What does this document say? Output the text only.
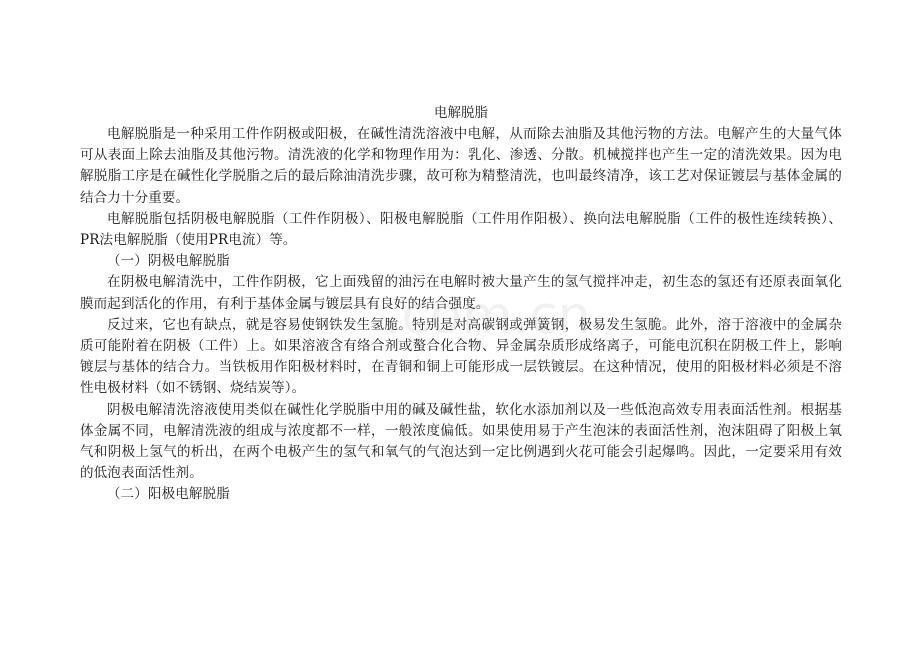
电解脱脂

电解脱脂是一种采用工件作阴极或阳极，在碱性清洗溶液中电解，从而除去油脂及其他污物的方法。电解产生的大量气体可从表面上除去油脂及其他污物。清洗液的化学和物理作用为：乳化、渗透、分散。机械搅拌也产生一定的清洗效果。因为电解脱脂工序是在碱性化学脱脂之后的最后除油清洗步骤，故可称为精整清洗，也叫最终清净，该工艺对保证镀层与基体金属的结合力十分重要。

电解脱脂包括阴极电解脱脂（工件作阴极）、阳极电解脱脂（工件用作阳极）、换向法电解脱脂（工件的极性连续转换）、PR法电解脱脂（使用PR电流）等。

（一）阴极电解脱脂

在阴极电解清洗中，工件作阴极，它上面残留的油污在电解时被大量产生的氢气搅拌冲走，初生态的氢还有还原表面氧化膜而起到活化的作用，有利于基体金属与镀层具有良好的结合强度。

反过来，它也有缺点，就是容易使钢铁发生氢脆。特别是对高碳钢或弹簧钢，极易发生氢脆。此外，溶于溶液中的金属杂质可能附着在阴极（工件）上。如果溶液含有络合剂或螯合化合物、异金属杂质形成络离子，可能电沉积在阴极工件上，影响镀层与基体的结合力。当铁板用作阳极材料时，在青铜和铜上可能形成一层铁镀层。在这种情况，使用的阳极材料必须是不溶性电极材料（如不锈钢、烧结炭等）。

阴极电解清洗溶液使用类似在碱性化学脱脂中用的碱及碱性盐，软化水添加剂以及一些低泡高效专用表面活性剂。根据基体金属不同，电解清洗液的组成与浓度都不一样，一般浓度偏低。如果使用易于产生泡沫的表面活性剂，泡沫阻碍了阳极上氧气和阴极上氢气的析出，在两个电极产生的氢气和氧气的气泡达到一定比例遇到火花可能会引起爆鸣。因此，一定要采用有效的低泡表面活性剂。

（二）阳极电解脱脂

.com.cn
